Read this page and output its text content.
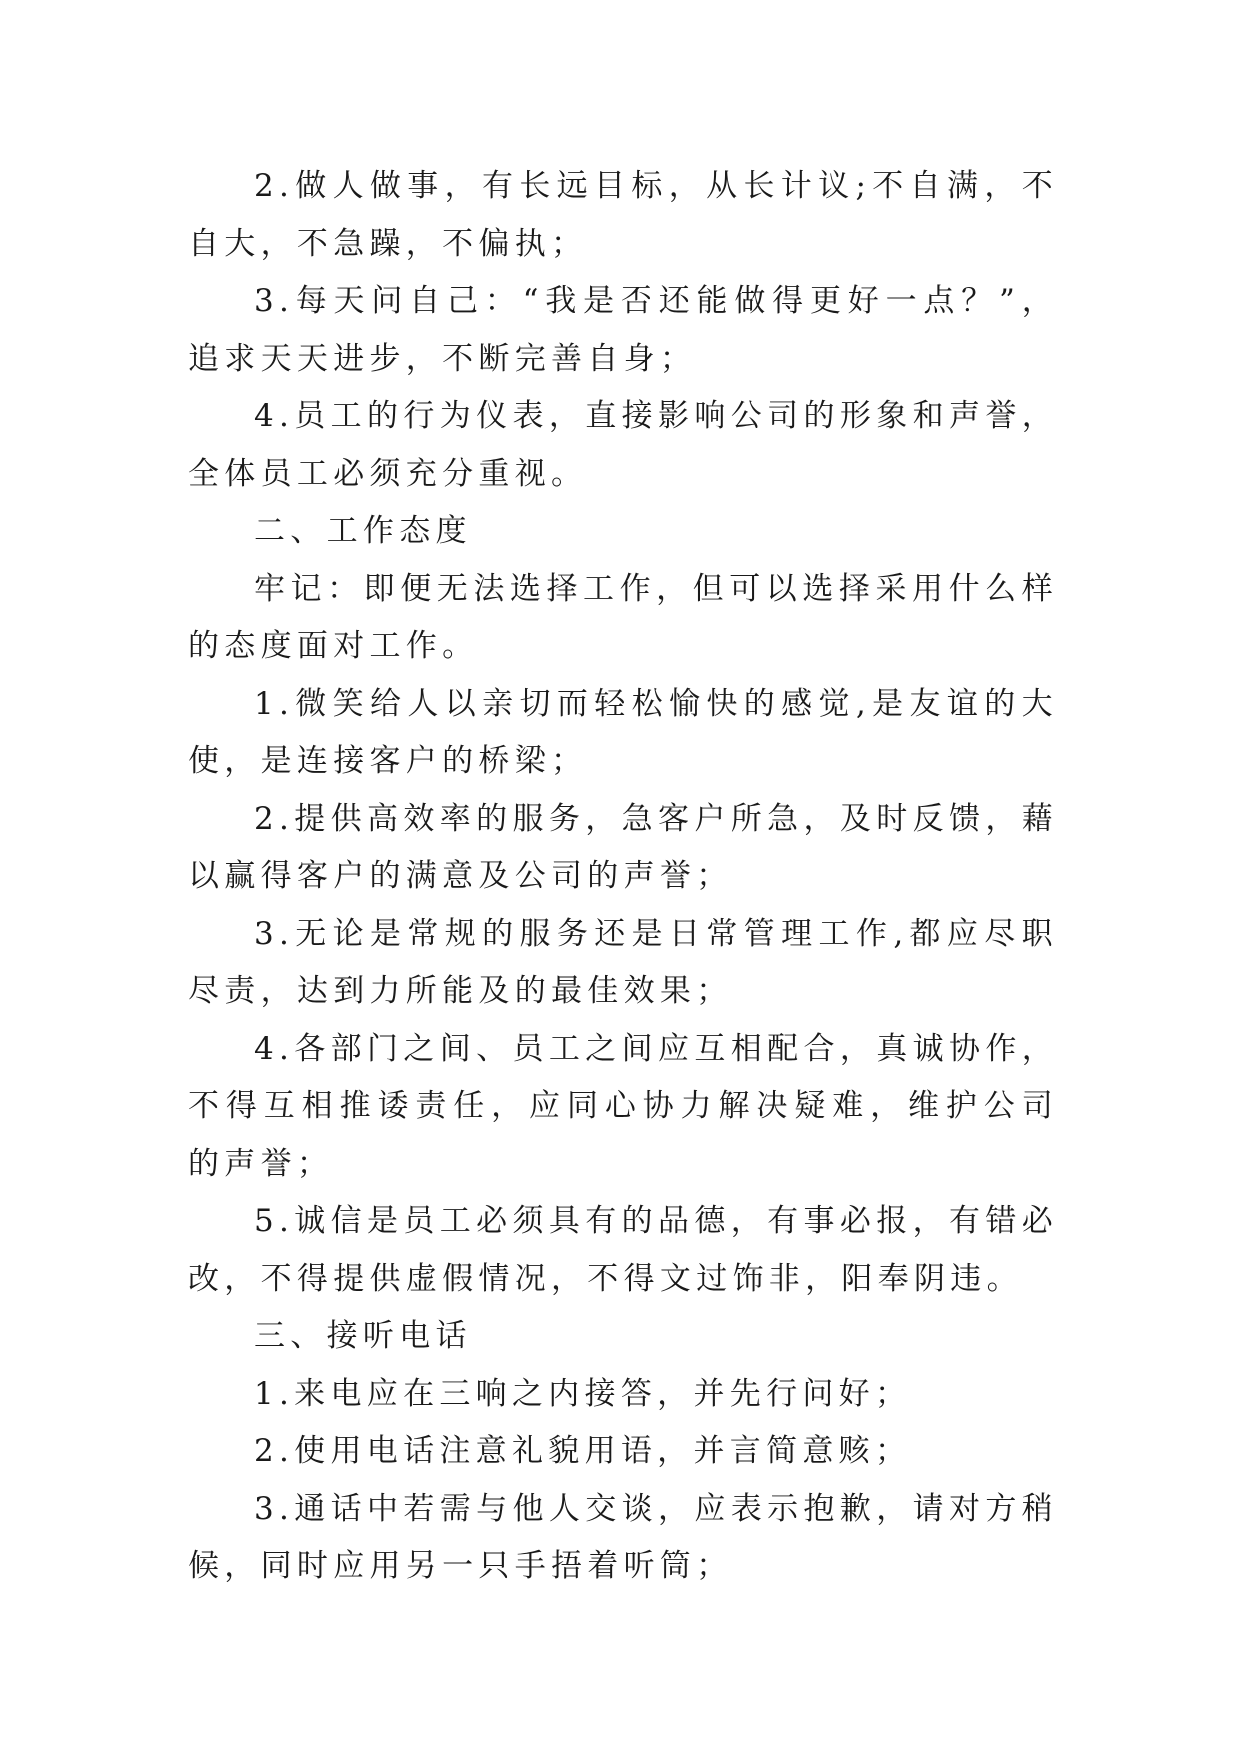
2.做人做事，有长远目标，从长计议;不自满，不自大，不急躁，不偏执；

3.每天问自己：“我是否还能做得更好一点？”，追求天天进步，不断完善自身；

4.员工的行为仪表，直接影响公司的形象和声誉，全体员工必须充分重视。

二、工作态度

牢记：即便无法选择工作，但可以选择采用什么样的态度面对工作。

1.微笑给人以亲切而轻松愉快的感觉,是友谊的大使，是连接客户的桥梁；

2.提供高效率的服务，急客户所急，及时反馈，藉以赢得客户的满意及公司的声誉；

3.无论是常规的服务还是日常管理工作,都应尽职尽责，达到力所能及的最佳效果；

4.各部门之间、员工之间应互相配合，真诚协作，不得互相推诿责任，应同心协力解决疑难，维护公司的声誉；

5.诚信是员工必须具有的品德，有事必报，有错必改，不得提供虚假情况，不得文过饰非，阳奉阴违。

三、接听电话

1.来电应在三响之内接答，并先行问好；

2.使用电话注意礼貌用语，并言简意赅；

3.通话中若需与他人交谈，应表示抱歉，请对方稍候，同时应用另一只手捂着听筒；
